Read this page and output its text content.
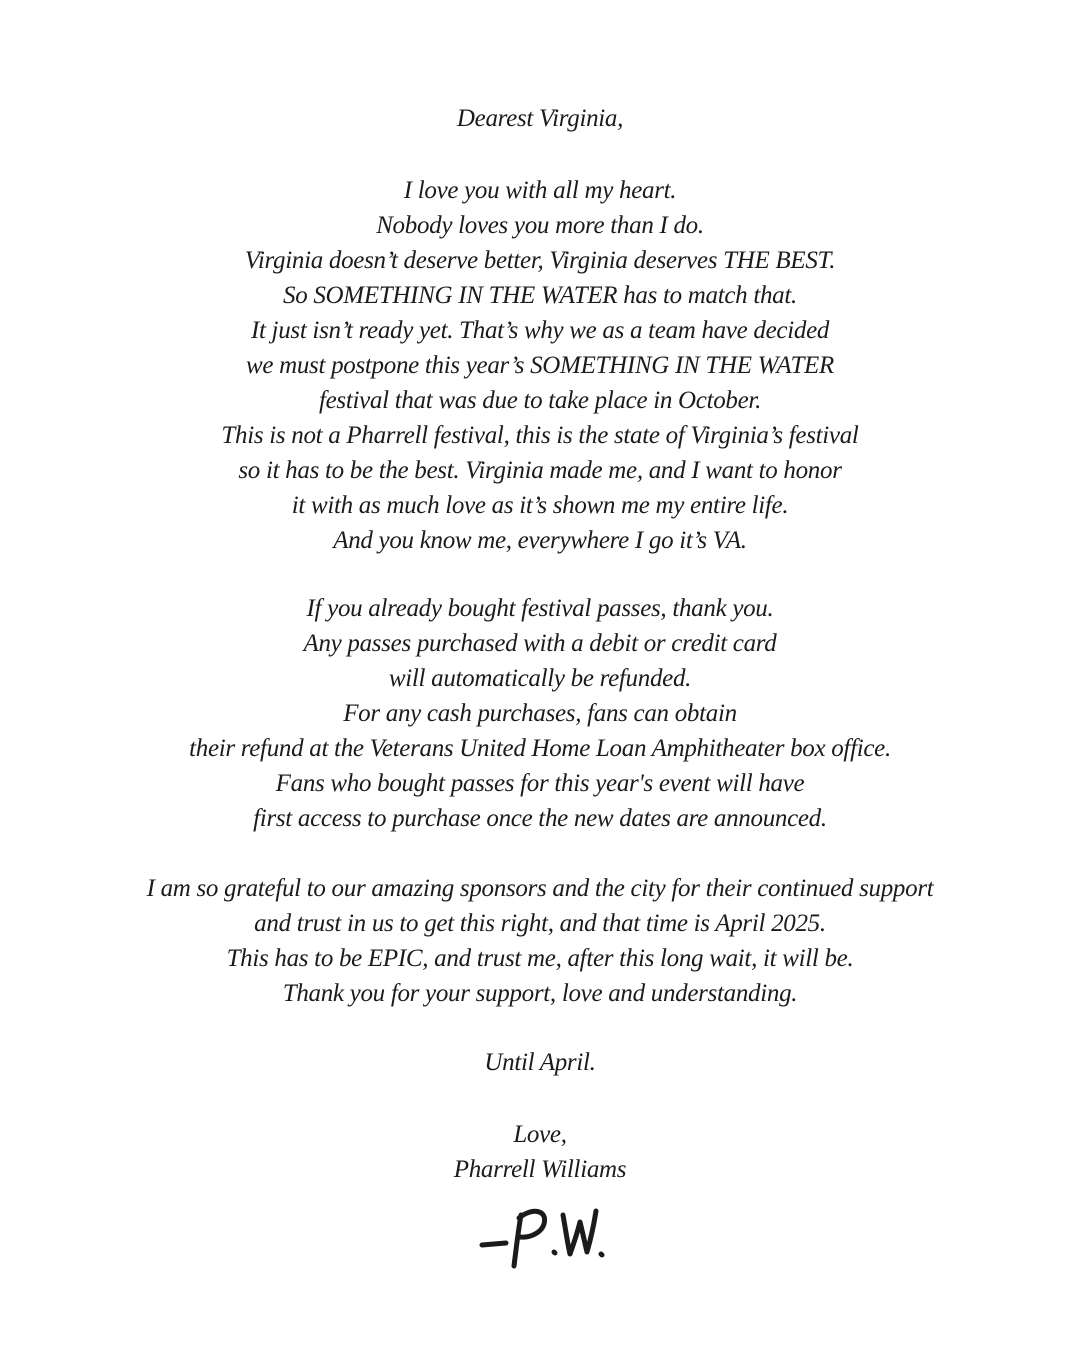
Dearest Virginia,

I love you with all my heart.
Nobody loves you more than I do.
Virginia doesn’t deserve better, Virginia deserves THE BEST.
So SOMETHING IN THE WATER has to match that.
It just isn’t ready yet. That’s why we as a team have decided
we must postpone this year’s SOMETHING IN THE WATER
festival that was due to take place in October.
This is not a Pharrell festival, this is the state of Virginia’s festival
so it has to be the best. Virginia made me, and I want to honor
it with as much love as it’s shown me my entire life.
And you know me, everywhere I go it’s VA.

If you already bought festival passes, thank you.
Any passes purchased with a debit or credit card
will automatically be refunded.
For any cash purchases, fans can obtain
their refund at the Veterans United Home Loan Amphitheater box office.
Fans who bought passes for this year's event will have
first access to purchase once the new dates are announced.

I am so grateful to our amazing sponsors and the city for their continued support
and trust in us to get this right, and that time is April 2025.
This has to be EPIC, and trust me, after this long wait, it will be.
Thank you for your support, love and understanding.

Until April.

Love,

Pharrell Williams
